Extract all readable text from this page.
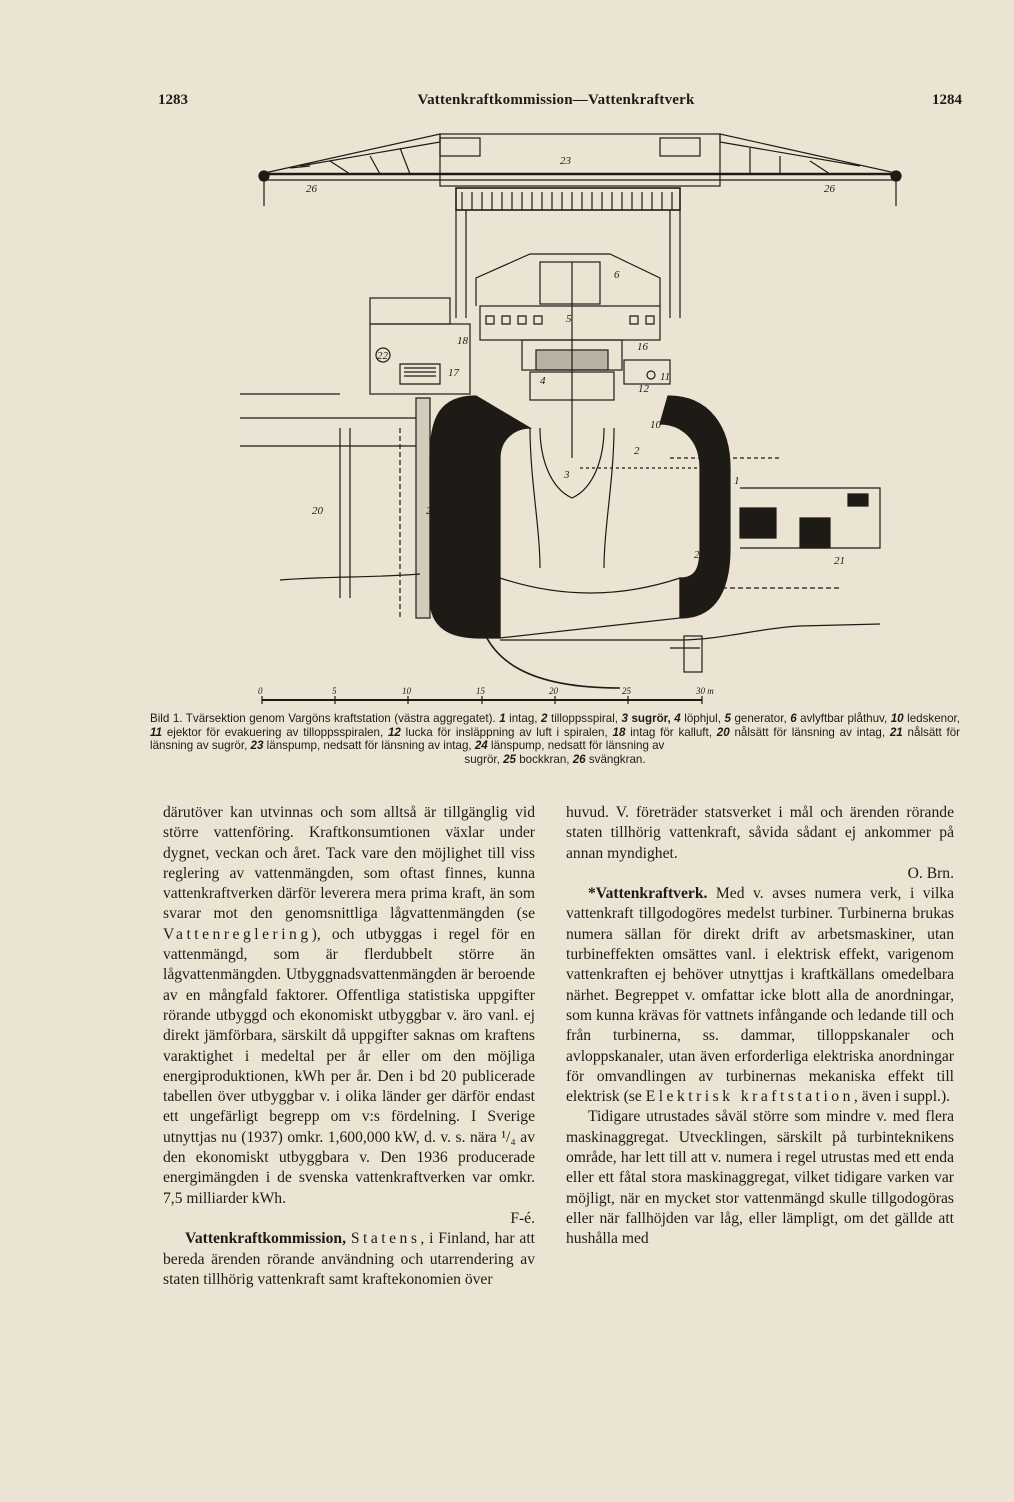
1283	Vattenkraftkommission—Vattenkraftverk	1284
23
26	26
6
5
18	16
22
17
12
11
9	10
3
4
2
1
20	23
24	21
0	5	10	15	20	25	30 m
Bild 1. Tvärsektion genom Vargöns kraftstation (västra aggregatet). 1 intag, 2 tilloppsspiral, 3 sugrör, 4 löphjul, 5 generator, 6 avlyftbar plåthuv, 10 ledskenor, 11 ejektor för evakuering av tilloppsspiralen, 12 lucka för insläppning av luft i spiralen, 18 intag för kalluft, 20 nålsätt för länsning av intag, 21 nålsätt för länsning av sugrör, 23 länspump, nedsatt för länsning av intag, 24 länspump, nedsatt för länsning av
sugrör, 25 bockkran, 26 svängkran.

därutöver kan utvinnas och som alltså är tillgänglig vid större vattenföring. Kraftkonsumtionen växlar under dygnet, veckan och året. Tack vare den möjlighet till viss reglering av vattenmängden, som oftast finnes, kunna vattenkraftverken därför leverera mera prima kraft, än som svarar mot den genomsnittliga lågvattenmängden (se Vattenreglering), och utbyggas i regel för en vattenmängd, som är flerdubbelt större än lågvattenmängden. Utbyggnadsvattenmängden är beroende av en mångfald faktorer. Offentliga statistiska uppgifter rörande utbyggd och ekonomiskt utbyggbar v. äro vanl. ej direkt jämförbara, särskilt då uppgifter saknas om kraftens varaktighet i medeltal per år eller om den möjliga energiproduktionen, kWh per år. Den i bd 20 publicerade tabellen över utbyggbar v. i olika länder ger därför endast ett ungefärligt begrepp om v:s fördelning. I Sverige utnyttjas nu (1937) omkr. 1,600,000 kW, d. v. s. nära ¹/₄ av den ekonomiskt utbyggbara v. Den 1936 producerade energimängden i de svenska vattenkraftverken var omkr. 7,5 milliarder kWh.
F-é.

Vattenkraftkommission, Statens, i Finland, har att bereda ärenden rörande användning och utarrendering av staten tillhörig vattenkraft samt kraftekonomien över

huvud. V. företräder statsverket i mål och ärenden rörande staten tillhörig vattenkraft, såvida sådant ej ankommer på annan myndighet.
O. Brn.

*Vattenkraftverk. Med v. avses numera verk, i vilka vattenkraft tillgodogöres medelst turbiner. Turbinerna brukas numera sällan för direkt drift av arbetsmaskiner, utan turbineffekten omsättes vanl. i elektrisk effekt, varigenom vattenkraften ej behöver utnyttjas i kraftkällans omedelbara närhet. Begreppet v. omfattar icke blott alla de anordningar, som kunna krävas för vattnets infångande och ledande till och från turbinerna, ss. dammar, tilloppskanaler och avloppskanaler, utan även erforderliga elektriska anordningar för omvandlingen av turbinernas mekaniska effekt till elektrisk (se Elektrisk kraftstation, även i suppl.).

Tidigare utrustades såväl större som mindre v. med flera maskinaggregat. Utvecklingen, särskilt på turbinteknikens område, har lett till att v. numera i regel utrustas med ett enda eller ett fåtal stora maskinaggregat, vilket tidigare varken var möjligt, när en mycket stor vattenmängd skulle tillgodogöras eller när fallhöjden var låg, eller lämpligt, om det gällde att hushålla med
